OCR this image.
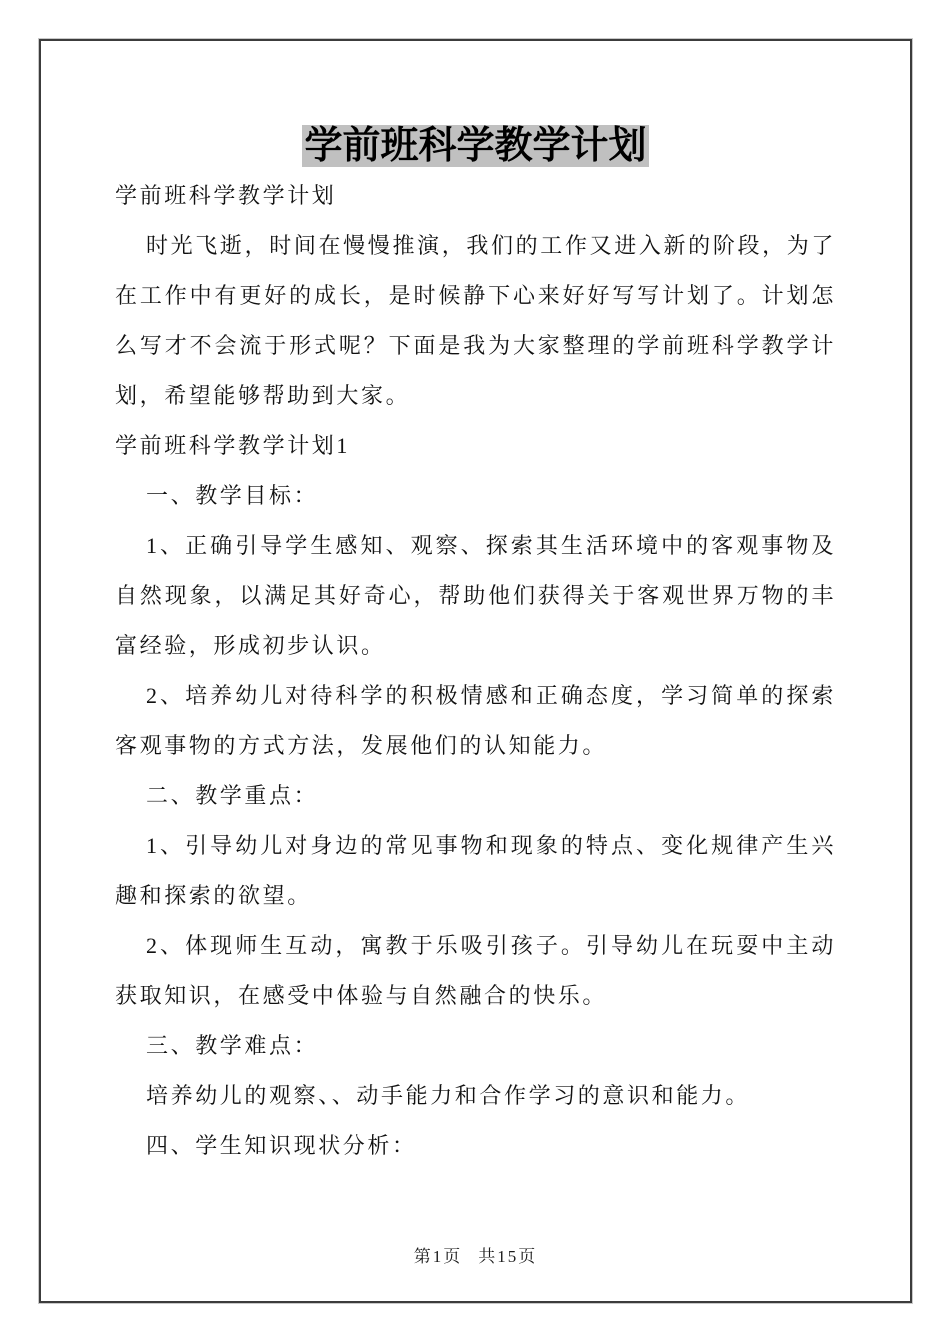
学前班科学教学计划

学前班科学教学计划

时光飞逝，时间在慢慢推演，我们的工作又进入新的阶段，为了在工作中有更好的成长，是时候静下心来好好写写计划了。计划怎么写才不会流于形式呢？下面是我为大家整理的学前班科学教学计划，希望能够帮助到大家。

学前班科学教学计划1

一、教学目标：

1、正确引导学生感知、观察、探索其生活环境中的客观事物及自然现象，以满足其好奇心，帮助他们获得关于客观世界万物的丰富经验，形成初步认识。

2、培养幼儿对待科学的积极情感和正确态度，学习简单的探索客观事物的方式方法，发展他们的认知能力。

二、教学重点：

1、引导幼儿对身边的常见事物和现象的特点、变化规律产生兴趣和探索的欲望。

2、体现师生互动，寓教于乐吸引孩子。引导幼儿在玩耍中主动获取知识，在感受中体验与自然融合的快乐。

三、教学难点：

培养幼儿的观察、、动手能力和合作学习的意识和能力。

四、学生知识现状分析：

第1页 共15页
